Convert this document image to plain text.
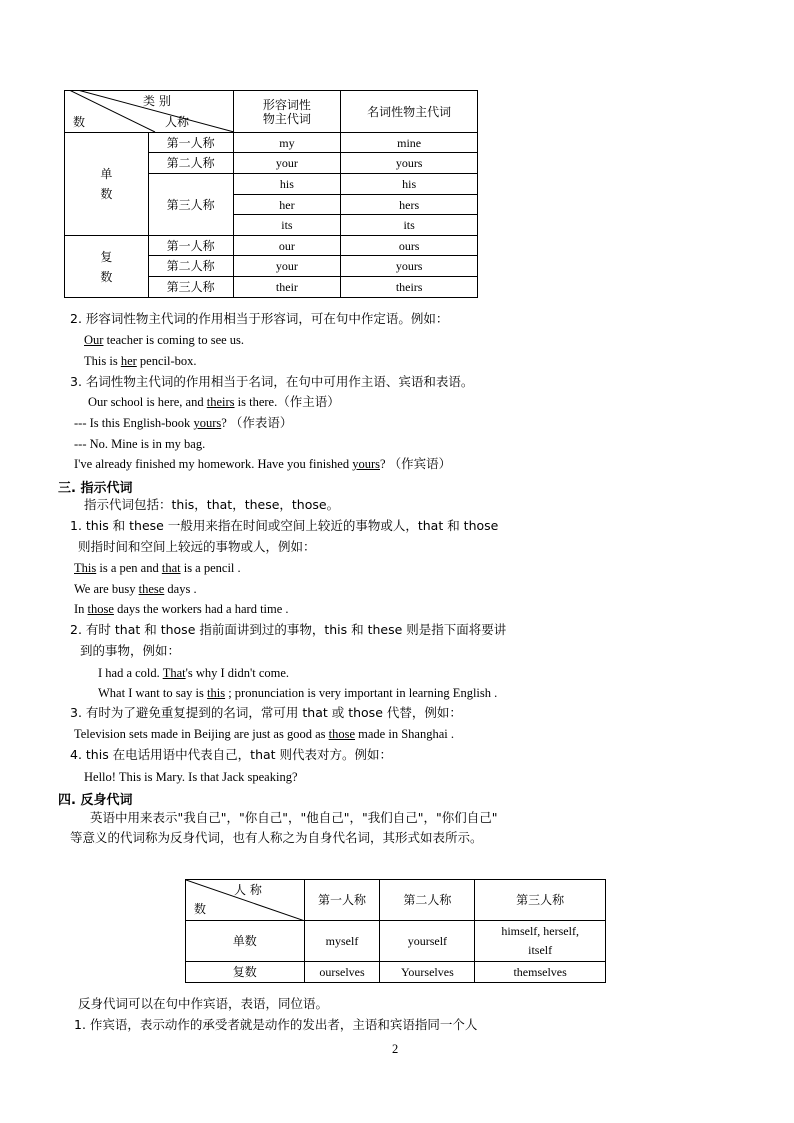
类 别
人称
数		形容词性
物主代词	名词性物主代词
单
数	第一人称	my	mine
	第二人称	your	yours
	第三人称	his	his
		her	hers
		its	its
复
数	第一人称	our	ours
	第二人称	your	yours
	第三人称	their	theirs
2. 形容词性物主代词的作用相当于形容词，可在句中作定语。例如：
Our teacher is coming to see us.
This is her pencil-box.
3. 名词性物主代词的作用相当于名词，在句中可用作主语、宾语和表语。
Our school is here, and theirs is there.（作主语）
--- Is this English-book yours? （作表语）
--- No. Mine is in my bag.
I've already finished my homework. Have you finished yours? （作宾语）
三. 指示代词
指示代词包括：this，that，these，those。
1. this 和 these 一般用来指在时间或空间上较近的事物或人，that 和 those
则指时间和空间上较远的事物或人，例如：
This is a pen and that is a pencil .
We are busy these days .
In those days the workers had a hard time .
2. 有时 that 和 those 指前面讲到过的事物，this 和 these 则是指下面将要讲
到的事物，例如：
I had a cold. That's why I didn't come.
What I want to say is this ; pronunciation is very important in learning English .
3. 有时为了避免重复提到的名词，常可用 that 或 those 代替，例如：
Television sets made in Beijing are just as good as those made in Shanghai .
4. this 在电话用语中代表自己，that 则代表对方。例如：
Hello! This is Mary. Is that Jack speaking?
四. 反身代词
英语中用来表示"我自己"，"你自己"，"他自己"，"我们自己"，"你们自己"
等意义的代词称为反身代词，也有人称之为自身代名词，其形式如表所示。
人 称
数	第一人称	第二人称	第三人称
单数	myself	yourself	himself, herself,
itself
复数	ourselves	Yourselves	themselves
反身代词可以在句中作宾语，表语，同位语。
1. 作宾语，表示动作的承受者就是动作的发出者，主语和宾语指同一个人
2
